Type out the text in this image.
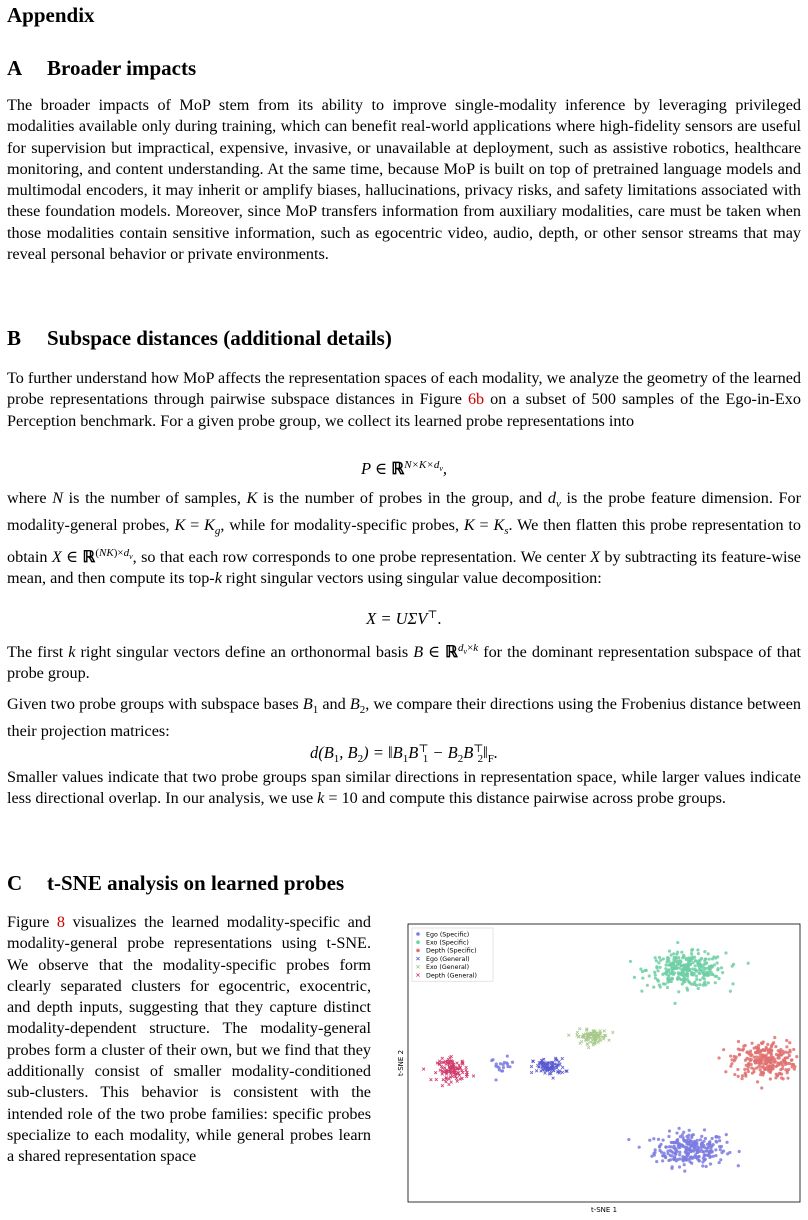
Appendix
A Broader impacts

The broader impacts of MoP stem from its ability to improve single-modality inference by leveraging privileged modalities available only during training, which can benefit real-world applications where high-fidelity sensors are useful for supervision but impractical, expensive, invasive, or unavailable at deployment, such as assistive robotics, healthcare monitoring, and content understanding. At the same time, because MoP is built on top of pretrained language models and multimodal encoders, it may inherit or amplify biases, hallucinations, privacy risks, and safety limitations associated with these foundation models. Moreover, since MoP transfers information from auxiliary modalities, care must be taken when those modalities contain sensitive information, such as egocentric video, audio, depth, or other sensor streams that may reveal personal behavior or private environments.

B Subspace distances (additional details)

To further understand how MoP affects the representation spaces of each modality, we analyze the geometry of the learned probe representations through pairwise subspace distances in Figure 6b on a subset of 500 samples of the Ego-in-Exo Perception benchmark. For a given probe group, we collect its learned probe representations into

P ∈ ℝ$^{N\times K\times d_v}$,

where N is the number of samples, K is the number of probes in the group, and $d_v$ is the probe feature dimension. For modality-general probes, $K = K_g$, while for modality-specific probes, $K = K_s$. We then flatten this probe representation to obtain X ∈ ℝ$^{(NK)\times d_v}$, so that each row corresponds to one probe representation. We center X by subtracting its feature-wise mean, and then compute its top-k right singular vectors using singular value decomposition:

X = UΣV⊤.

The first k right singular vectors define an orthonormal basis B ∈ ℝ$^{d_v\times k}$ for the dominant representation subspace of that probe group.

Given two probe groups with subspace bases $B_1$ and $B_2$, we compare their directions using the Frobenius distance between their projection matrices:

$d(B_1$, $B_2$) = $‖B_1B^⊤_1$ − $B_2B^⊤_2‖_F$.

Smaller values indicate that two probe groups span similar directions in representation space, while larger values indicate less directional overlap. In our analysis, we use k = 10 and compute this distance pairwise across probe groups.

C t-SNE analysis on learned probes

Figure 8 visualizes the learned modality-specific and modality-general probe representations using t-SNE. We observe that the modality-specific probes form clearly separated clusters for egocentric, exocentric, and depth inputs, suggesting that they capture distinct modality-dependent structure. The modality-general probes form a cluster of their own, but we find that they additionally consist of smaller modality-conditioned sub-clusters. This behavior is consistent with the intended role of the two probe families: specific probes specialize to each modality, while general probes learn a shared representation space

Ego (Specific)
Exo (Specific)
Depth (Specific)
Ego (General)
Exo (General)
Depth (General)
t-SNE 1
t-SNE 2
